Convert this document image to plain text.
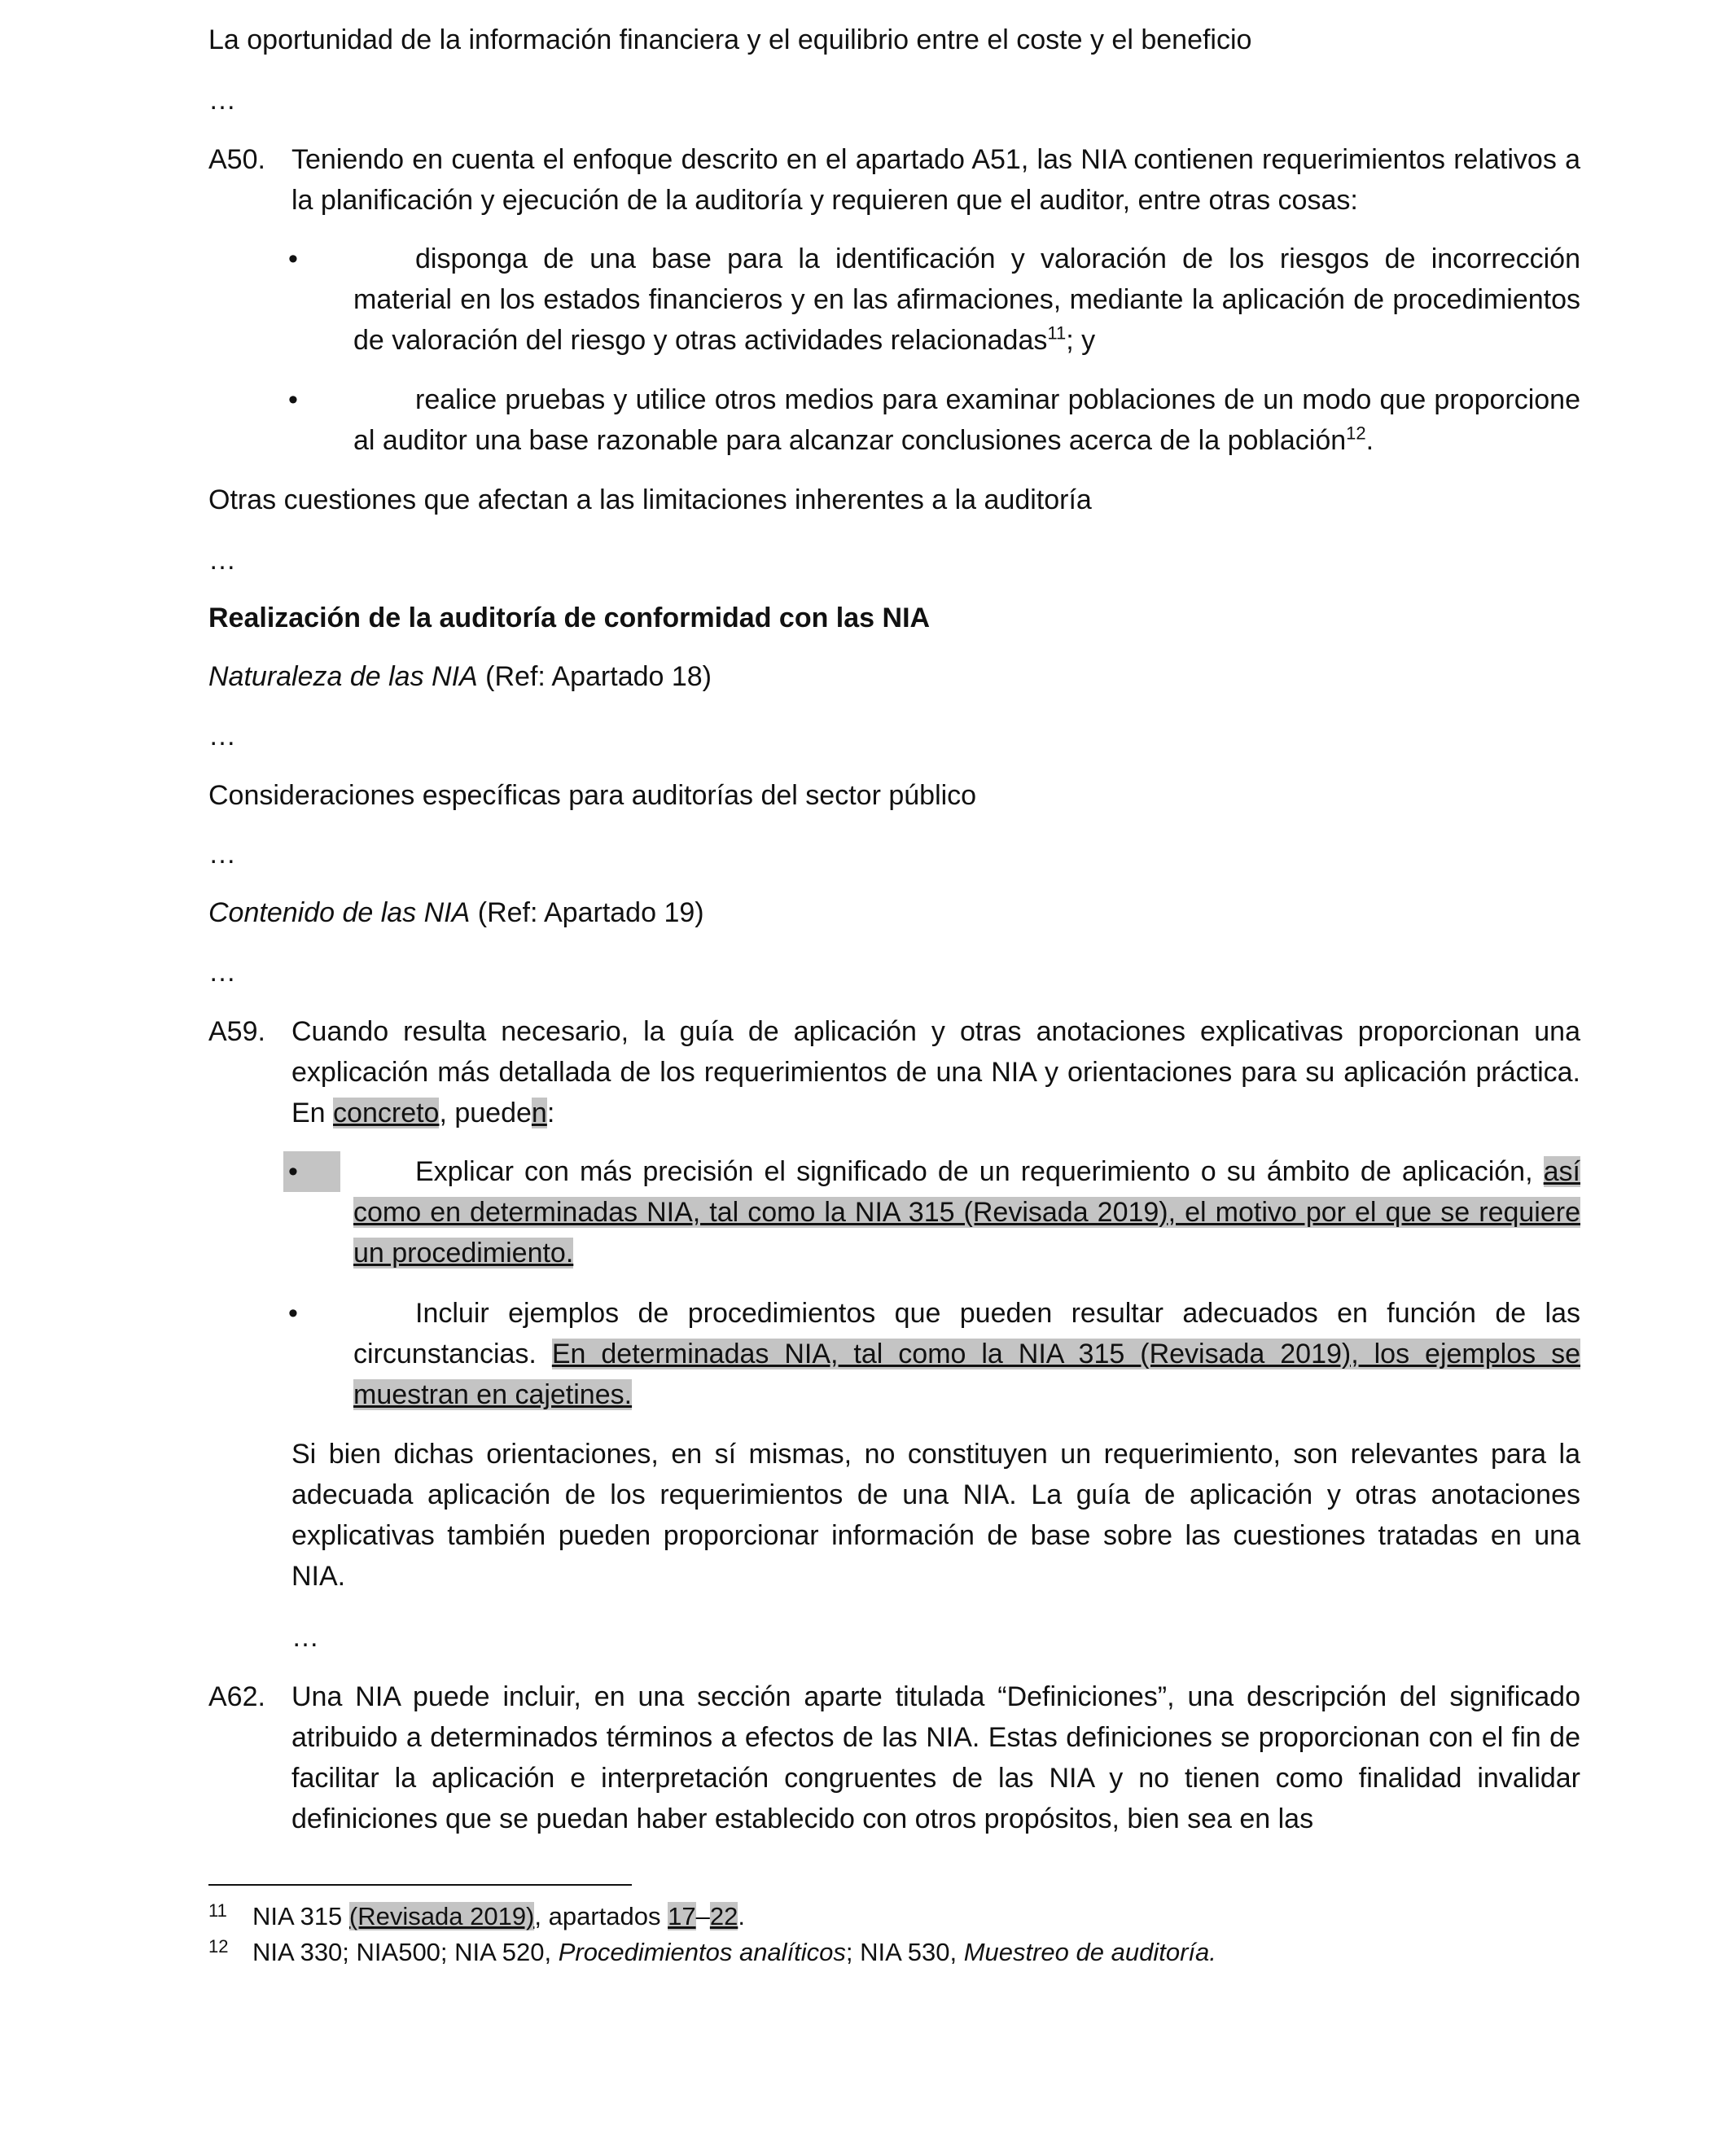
La oportunidad de la información financiera y el equilibrio entre el coste y el beneficio

…

A50. Teniendo en cuenta el enfoque descrito en el apartado A51, las NIA contienen requerimientos relativos a la planificación y ejecución de la auditoría y requieren que el auditor, entre otras cosas:
•	disponga de una base para la identificación y valoración de los riesgos de incorrección material en los estados financieros y en las afirmaciones, mediante la aplicación de procedimientos de valoración del riesgo y otras actividades relacionadas$^{11}$; y
•	realice pruebas y utilice otros medios para examinar poblaciones de un modo que proporcione al auditor una base razonable para alcanzar conclusiones acerca de la población$^{12}$.

Otras cuestiones que afectan a las limitaciones inherentes a la auditoría

…

Realización de la auditoría de conformidad con las NIA

Naturaleza de las NIA (Ref: Apartado 18)

…

Consideraciones específicas para auditorías del sector público

…

Contenido de las NIA (Ref: Apartado 19)

…

A59. Cuando resulta necesario, la guía de aplicación y otras anotaciones explicativas proporcionan una explicación más detallada de los requerimientos de una NIA y orientaciones para su aplicación práctica. En concreto, pueden:
•	Explicar con más precisión el significado de un requerimiento o su ámbito de aplicación, así como en determinadas NIA, tal como la NIA 315 (Revisada 2019), el motivo por el que se requiere un procedimiento.
•	Incluir ejemplos de procedimientos que pueden resultar adecuados en función de las circunstancias. En determinadas NIA, tal como la NIA 315 (Revisada 2019), los ejemplos se muestran en cajetines.
Si bien dichas orientaciones, en sí mismas, no constituyen un requerimiento, son relevantes para la adecuada aplicación de los requerimientos de una NIA. La guía de aplicación y otras anotaciones explicativas también pueden proporcionar información de base sobre las cuestiones tratadas en una NIA.

…

A62. Una NIA puede incluir, en una sección aparte titulada “Definiciones”, una descripción del significado atribuido a determinados términos a efectos de las NIA. Estas definiciones se proporcionan con el fin de facilitar la aplicación e interpretación congruentes de las NIA y no tienen como finalidad invalidar definiciones que se puedan haber establecido con otros propósitos, bien sea en las
11 NIA 315 (Revisada 2019), apartados 17–22.
12 NIA 330; NIA500; NIA 520, Procedimientos analíticos; NIA 530, Muestreo de auditoría.
